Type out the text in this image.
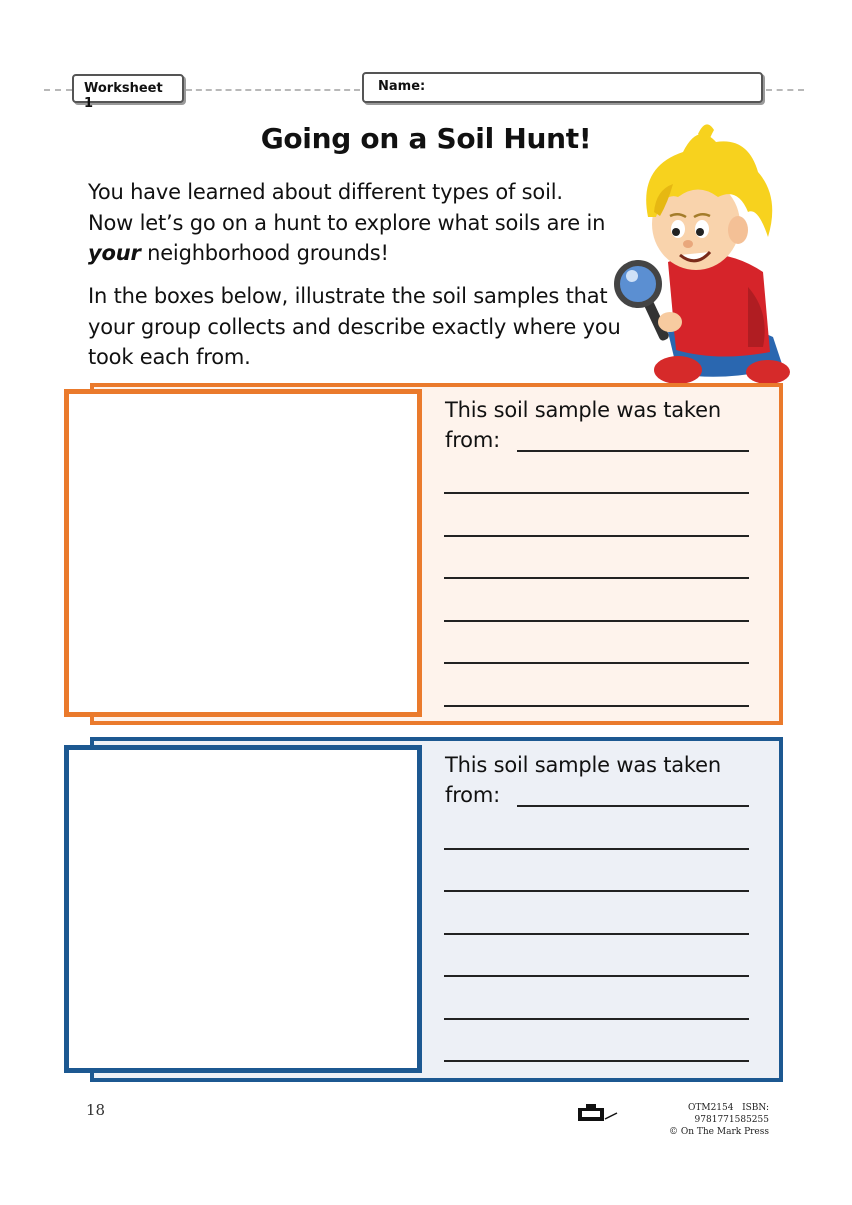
Worksheet 1
Name:
Going on a Soil Hunt!
You have learned about different types of soil. Now let’s go on a hunt to explore what soils are in your neighborhood grounds!
In the boxes below, illustrate the soil samples that your group collects and describe exactly where you took each from.
This soil sample was taken
from:
This soil sample was taken
from:
18	OTM2154 ISBN: 9781771585255
© On The Mark Press
